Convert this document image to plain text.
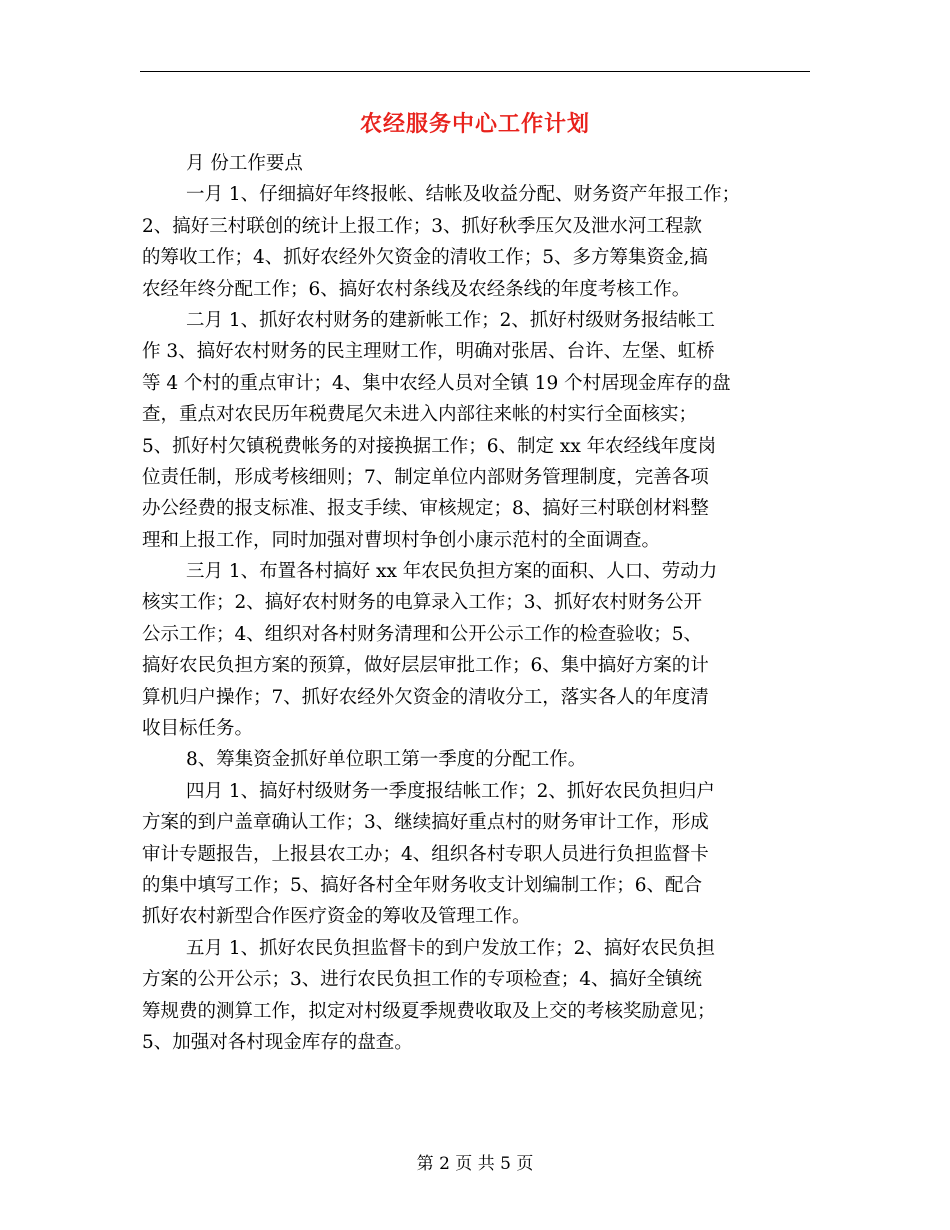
农经服务中心工作计划
月 份工作要点
一月 1、仔细搞好年终报帐、结帐及收益分配、财务资产年报工作；
2、搞好三村联创的统计上报工作；3、抓好秋季压欠及泄水河工程款
的筹收工作；4、抓好农经外欠资金的清收工作；5、多方筹集资金,搞
农经年终分配工作；6、搞好农村条线及农经条线的年度考核工作。
二月 1、抓好农村财务的建新帐工作；2、抓好村级财务报结帐工
作 3、搞好农村财务的民主理财工作，明确对张居、台许、左堡、虹桥
等 4 个村的重点审计；4、集中农经人员对全镇 19 个村居现金库存的盘
查，重点对农民历年税费尾欠未进入内部往来帐的村实行全面核实；
5、抓好村欠镇税费帐务的对接换据工作；6、制定 xx 年农经线年度岗
位责任制，形成考核细则；7、制定单位内部财务管理制度，完善各项
办公经费的报支标准、报支手续、审核规定；8、搞好三村联创材料整
理和上报工作，同时加强对曹坝村争创小康示范村的全面调查。
三月 1、布置各村搞好 xx 年农民负担方案的面积、人口、劳动力
核实工作；2、搞好农村财务的电算录入工作；3、抓好农村财务公开
公示工作；4、组织对各村财务清理和公开公示工作的检查验收；5、
搞好农民负担方案的预算，做好层层审批工作；6、集中搞好方案的计
算机归户操作；7、抓好农经外欠资金的清收分工，落实各人的年度清
收目标任务。
8、筹集资金抓好单位职工第一季度的分配工作。
四月 1、搞好村级财务一季度报结帐工作；2、抓好农民负担归户
方案的到户盖章确认工作；3、继续搞好重点村的财务审计工作，形成
审计专题报告，上报县农工办；4、组织各村专职人员进行负担监督卡
的集中填写工作；5、搞好各村全年财务收支计划编制工作；6、配合
抓好农村新型合作医疗资金的筹收及管理工作。
五月 1、抓好农民负担监督卡的到户发放工作；2、搞好农民负担
方案的公开公示；3、进行农民负担工作的专项检查；4、搞好全镇统
筹规费的测算工作，拟定对村级夏季规费收取及上交的考核奖励意见；
5、加强对各村现金库存的盘查。
第 2 页 共 5 页
